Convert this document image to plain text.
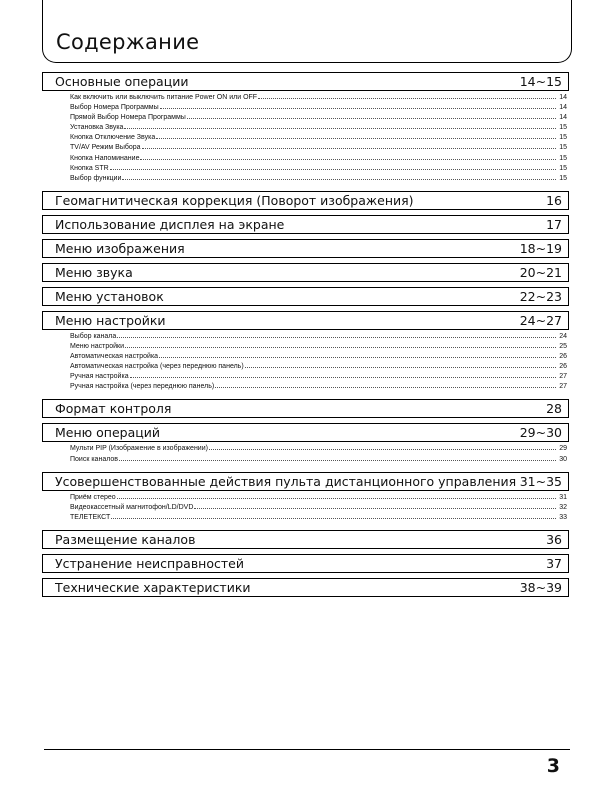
Содержание
Основные операции	14~15
Как включить или выключить питание Power ON или OFF	14
Выбор Номера Программы	14
Прямой Выбор Номера Программы	14
Установка Звука	15
Кнопка Отключение Звука	15
TV/AV Режим Выбора	15
Кнопка Напоминание	15
Кнопка STR	15
Выбор функции	15
Геомагнитическая коррекция (Поворот изображения)	16
Использование дисплея на экране	17
Меню изображения	18~19
Меню звука	20~21
Меню установок	22~23
Меню настройки	24~27
Выбор канала	24
Меню настройки	25
Автоматическая настройка	26
Автоматическая настройка (через переднюю панель)	26
Ручная настройка	27
Ручная настройка (через переднюю панель)	27
Формат контроля	28
Меню операций	29~30
Мульти PIP (Изображение в изображении)	29
Поиск каналов	30
Усовершенствованные действия пульта дистанционного управления 31~35
Приём стерео	31
Видеокассетный магнитофон/LD/DVD	32
ТЕЛЕТЕКСТ	33
Размещение каналов	36
Устранение неисправностей	37
Технические характеристики	38~39
3
